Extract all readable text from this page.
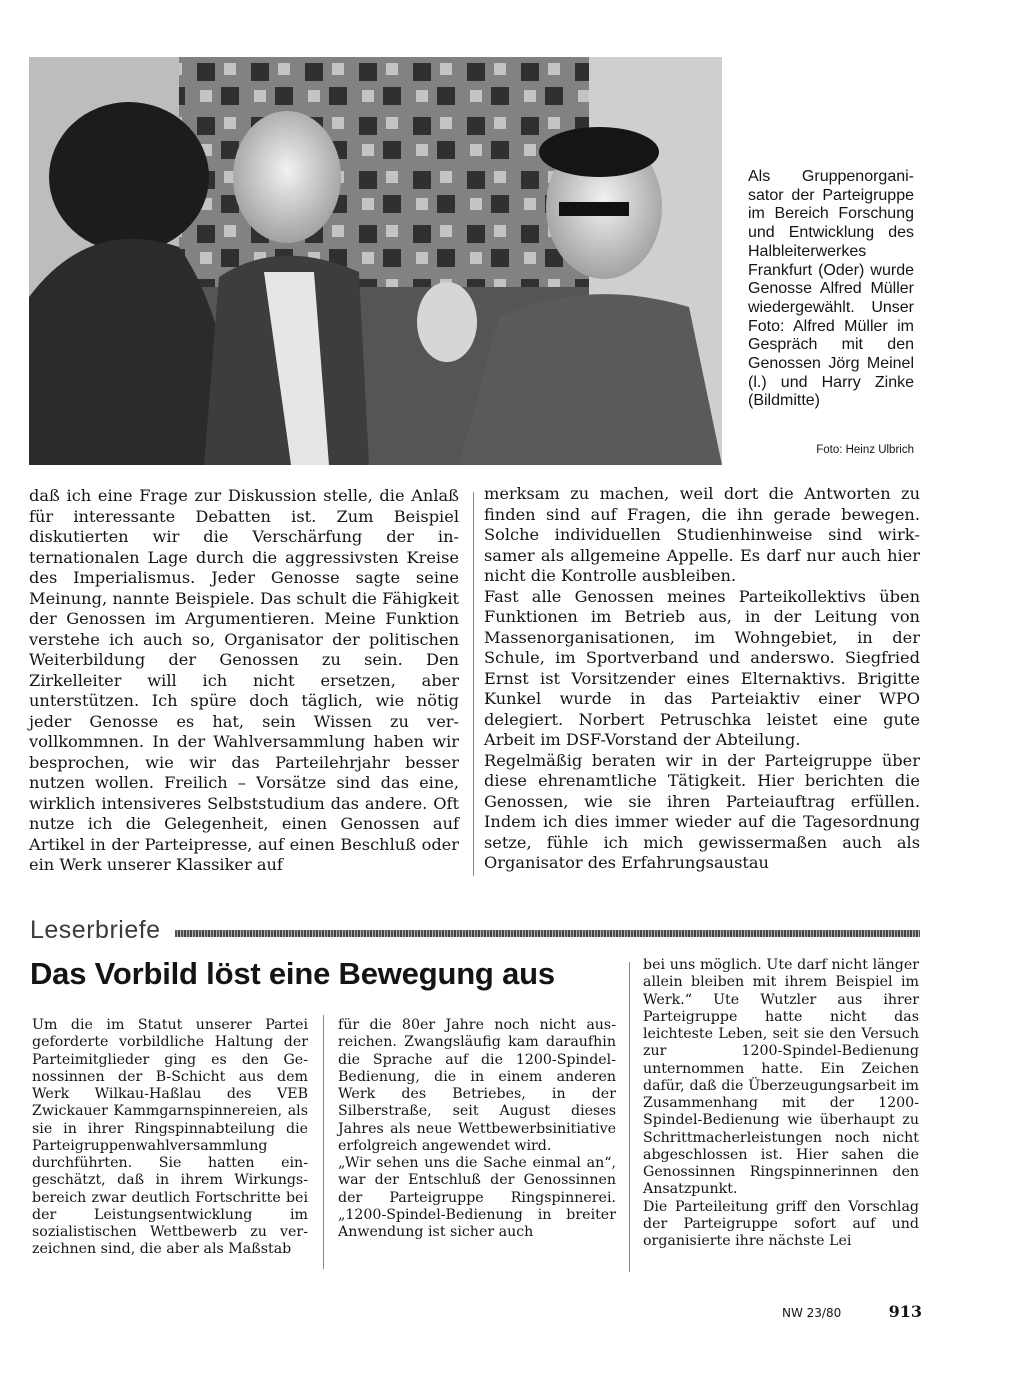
Als Gruppenorganisator der Parteigruppe im Bereich Forschung und Entwicklung des Halbleiterwerkes Frankfurt (Oder) wurde Genosse Alfred Müller wiedergewählt. Unser Foto: Alfred Müller im Gespräch mit den Genossen Jörg Meinel (l.) und Harry Zinke (Bildmitte)
Foto: Heinz Ulbrich

daß ich eine Frage zur Diskussion stelle, die Anlaß für interessante Debatten ist. Zum Beispiel diskutierten wir die Verschärfung der internationalen Lage durch die aggressivsten Kreise des Imperialismus. Jeder Genosse sagte seine Meinung, nannte Beispiele. Das schult die Fähigkeit der Genossen im Argumentieren. Meine Funktion verstehe ich auch so, Organisator der politischen Weiterbildung der Genossen zu sein. Den Zirkelleiter will ich nicht ersetzen, aber unterstützen. Ich spüre doch täglich, wie nötig jeder Genosse es hat, sein Wissen zu vervollkommnen. In der Wahlversammlung haben wir besprochen, wie wir das Parteilehrjahr besser nutzen wollen. Freilich – Vorsätze sind das eine, wirklich intensiveres Selbststudium das andere. Oft nutze ich die Gelegenheit, einen Genossen auf Artikel in der Parteipresse, auf einen Beschluß oder ein Werk unserer Klassiker auf

merksam zu machen, weil dort die Antworten zu finden sind auf Fragen, die ihn gerade bewegen. Solche individuellen Studienhinweise sind wirksamer als allgemeine Appelle. Es darf nur auch hier nicht die Kontrolle ausbleiben.

Fast alle Genossen meines Parteikollektivs üben Funktionen im Betrieb aus, in der Leitung von Massenorganisationen, im Wohngebiet, in der Schule, im Sportverband und anderswo. Siegfried Ernst ist Vorsitzender eines Elternaktivs. Brigitte Kunkel wurde in das Parteiaktiv einer WPO delegiert. Norbert Petruschka leistet eine gute Arbeit im DSF-Vorstand der Abteilung.

Regelmäßig beraten wir in der Parteigruppe über diese ehrenamtliche Tätigkeit. Hier berichten die Genossen, wie sie ihren Parteiauftrag erfüllen. Indem ich dies immer wieder auf die Tagesordnung setze, fühle ich mich gewissermaßen auch als Organisator des Erfahrungsaustau

Leserbriefe
Das Vorbild löst eine Bewegung aus

Um die im Statut unserer Partei geforderte vorbildliche Haltung der Parteimitglieder ging es den Genossinnen der B-Schicht aus dem Werk Wilkau-Haßlau des VEB Zwickauer Kammgarnspinnereien, als sie in ihrer Ringspinnabteilung die Parteigruppenwahlversammlung durchführten. Sie hatten eingeschätzt, daß in ihrem Wirkungsbereich zwar deutlich Fortschritte bei der Leistungsentwicklung im sozialistischen Wettbewerb zu verzeichnen sind, die aber als Maßstab

für die 80er Jahre noch nicht ausreichen. Zwangsläufig kam daraufhin die Sprache auf die 1200-Spindel-Bedienung, die in einem anderen Werk des Betriebes, in der Silberstraße, seit August dieses Jahres als neue Wettbewerbsinitiative erfolgreich angewendet wird.

„Wir sehen uns die Sache einmal an“, war der Entschluß der Genossinnen der Parteigruppe Ringspinnerei. „1200-Spindel-Bedienung in breiter Anwendung ist sicher auch

bei uns möglich. Ute darf nicht länger allein bleiben mit ihrem Beispiel im Werk.“ Ute Wutzler aus ihrer Parteigruppe hatte nicht das leichteste Leben, seit sie den Versuch zur 1200-Spindel-Bedienung unternommen hatte. Ein Zeichen dafür, daß die Überzeugungsarbeit im Zusammenhang mit der 1200-Spindel-Bedienung wie überhaupt zu Schrittmacherleistungen noch nicht abgeschlossen ist. Hier sahen die Genossinnen Ringspinnerinnen den Ansatzpunkt.

Die Parteileitung griff den Vorschlag der Parteigruppe sofort auf und organisierte ihre nächste Lei

NW 23/80	913
